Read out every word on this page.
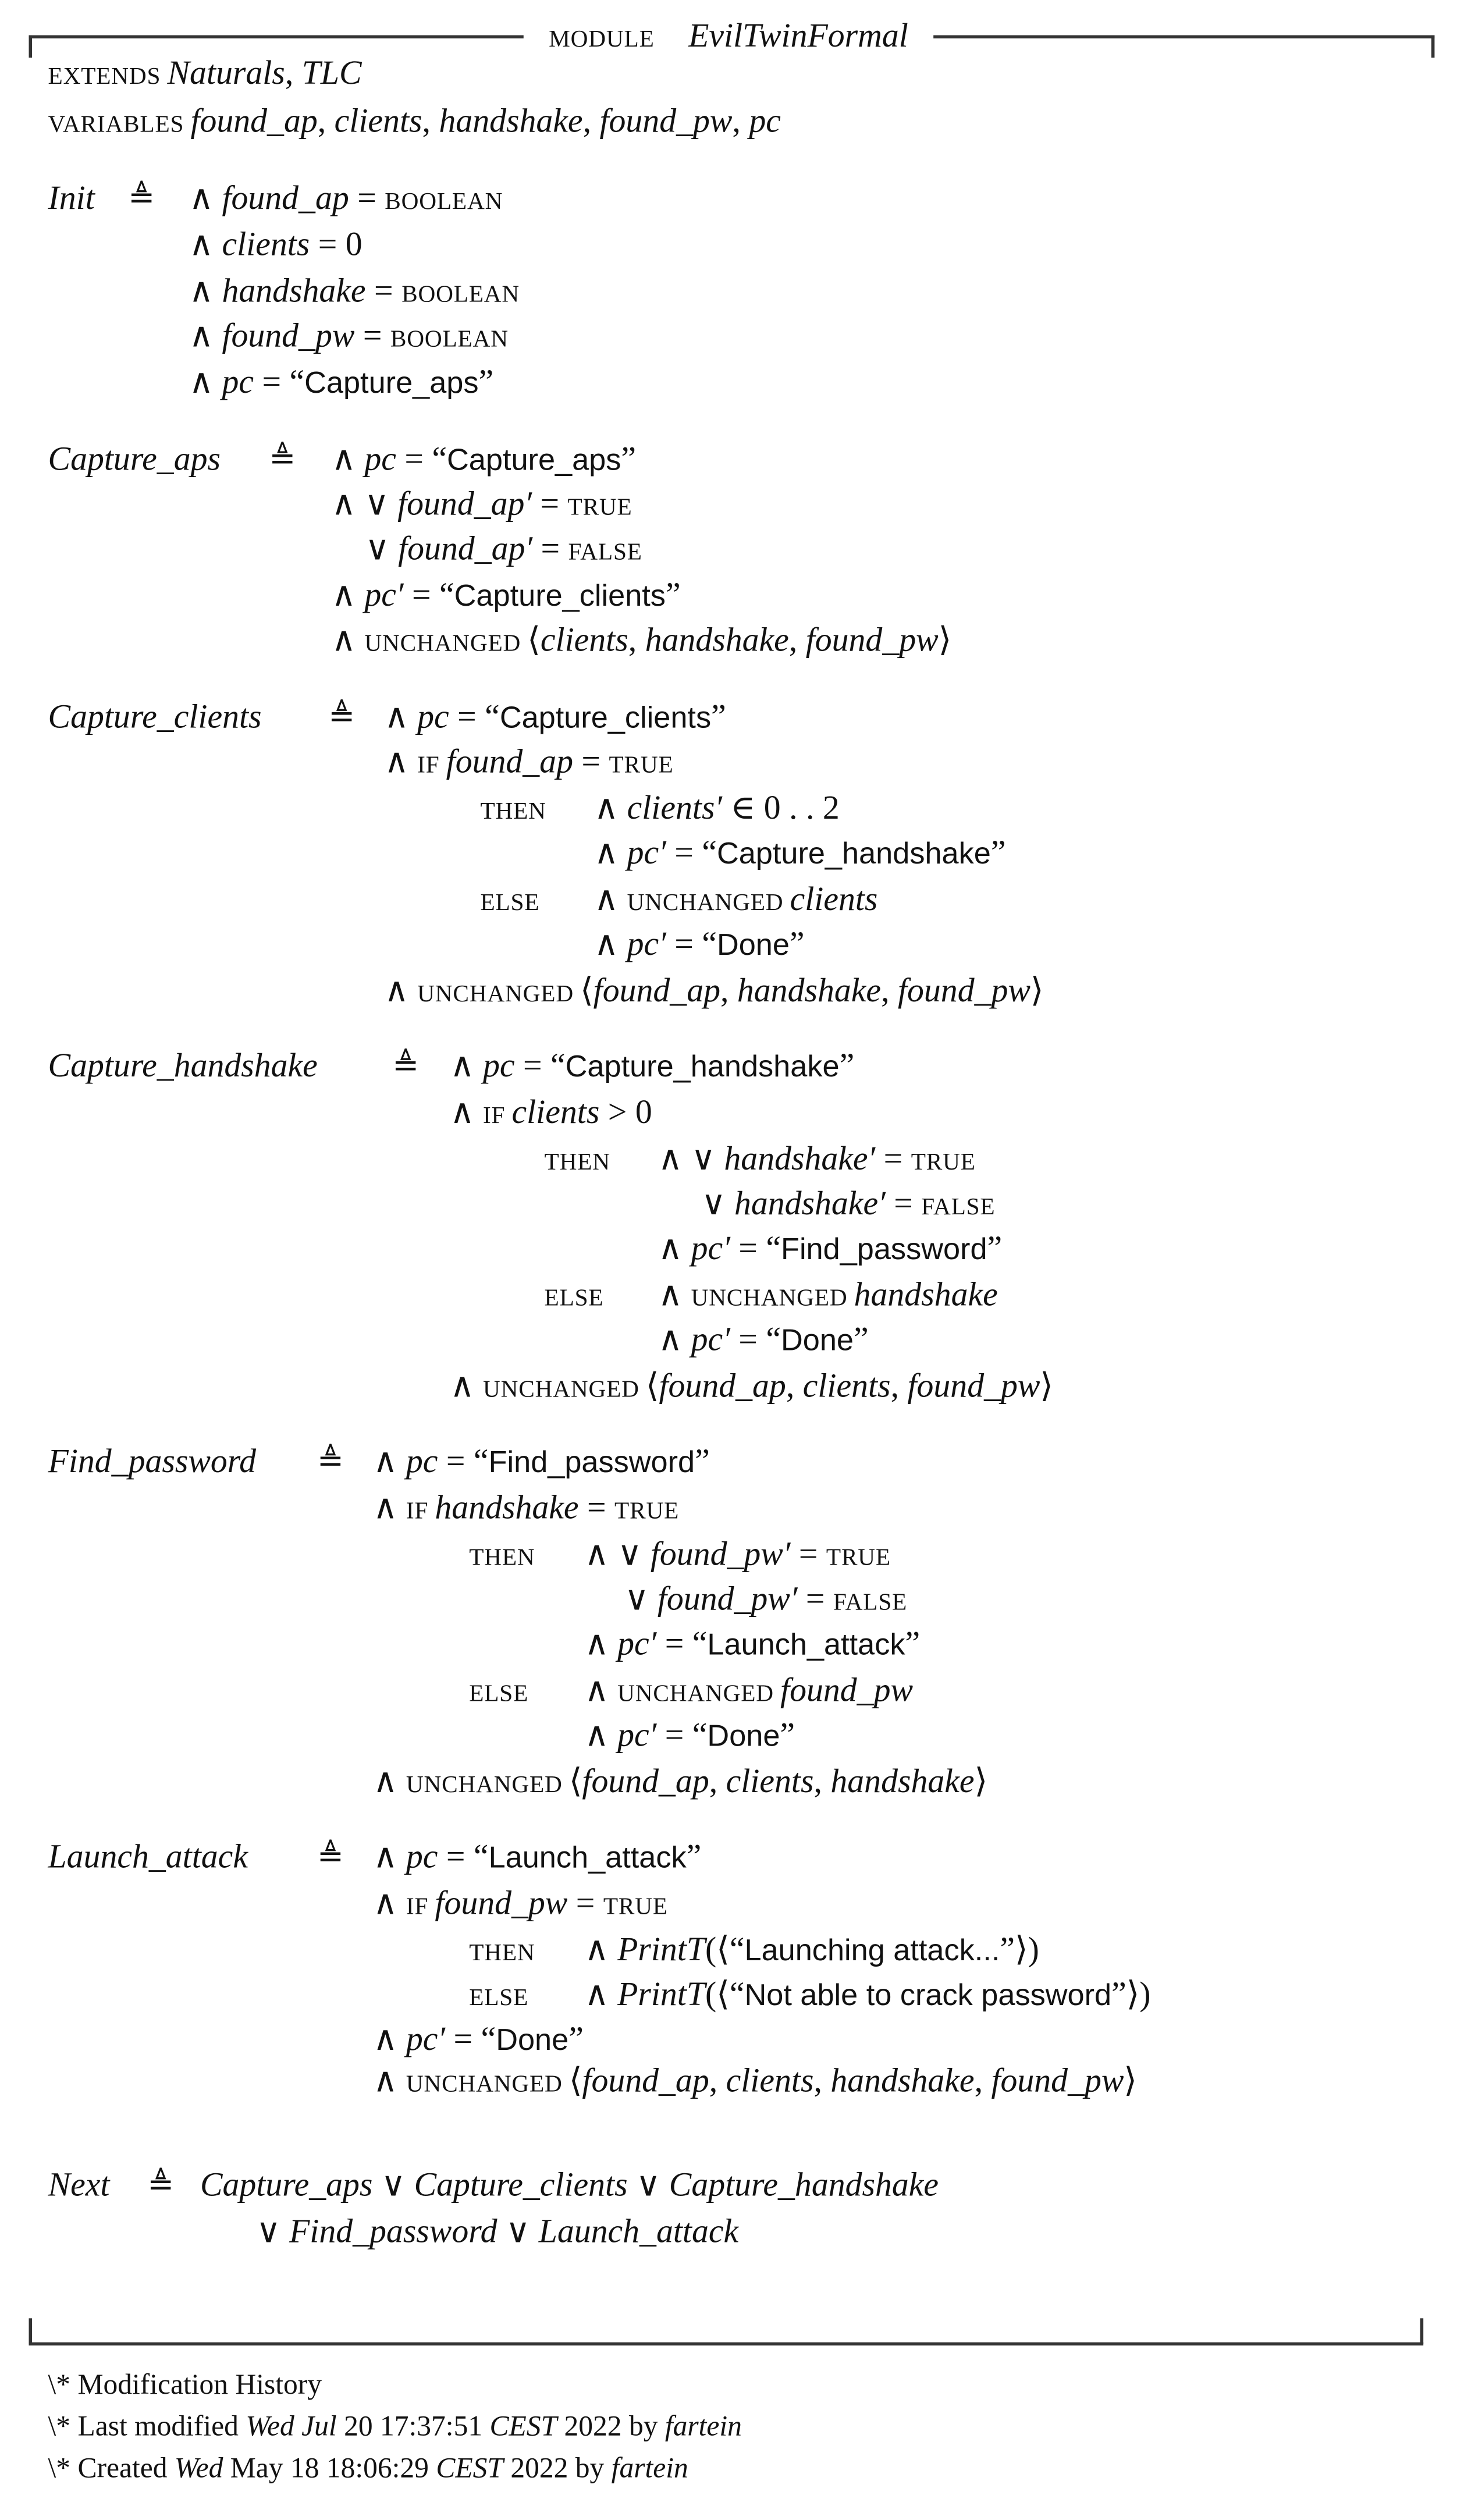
MODULE	EvilTwinFormal
EXTENDS Naturals, TLC
VARIABLES found_ap, clients, handshake, found_pw, pc
Init	≜	∧ found_ap = BOOLEAN
∧ clients = 0
∧ handshake = BOOLEAN
∧ found_pw = BOOLEAN
∧ pc = “Capture_aps”
Capture_aps	≜	∧ pc = “Capture_aps”
∧ ∨ found_ap′ = TRUE
∨ found_ap′ = FALSE
∧ pc′ = “Capture_clients”
∧ UNCHANGED ⟨clients, handshake, found_pw⟩
Capture_clients	≜ ∧ pc = “Capture_clients”
∧ IF found_ap = TRUE
THEN	∧ clients′ ∈ 0 . . 2
∧ pc′ = “Capture_handshake”
ELSE	∧ UNCHANGED clients
∧ pc′ = “Done”
∧ UNCHANGED ⟨found_ap, handshake, found_pw⟩
Capture_handshake	≜	∧ pc = “Capture_handshake”
∧ IF clients > 0
THEN	∧ ∨ handshake′ = TRUE
∨ handshake′ = FALSE
∧ pc′ = “Find_password”
ELSE	∧ UNCHANGED handshake
∧ pc′ = “Done”
∧ UNCHANGED ⟨found_ap, clients, found_pw⟩
Find_password	≜ ∧ pc = “Find_password”
∧ IF handshake = TRUE
THEN	∧ ∨ found_pw′ = TRUE
∨ found_pw′ = FALSE
∧ pc′ = “Launch_attack”
ELSE	∧ UNCHANGED found_pw
∧ pc′ = “Done”
∧ UNCHANGED ⟨found_ap, clients, handshake⟩
Launch_attack	≜ ∧ pc = “Launch_attack”
∧ IF found_pw = TRUE
THEN	∧ PrintT(⟨“Launching attack...”⟩)
ELSE	∧ PrintT(⟨“Not able to crack password”⟩)
∧ pc′ = “Done”
∧ UNCHANGED ⟨found_ap, clients, handshake, found_pw⟩
Next	≜ Capture_aps ∨ Capture_clients ∨ Capture_handshake
∨ Find_password ∨ Launch_attack
\* Modification History
\* Last modified Wed Jul 20 17:37:51 CEST 2022 by fartein
\* Created Wed May 18 18:06:29 CEST 2022 by fartein
